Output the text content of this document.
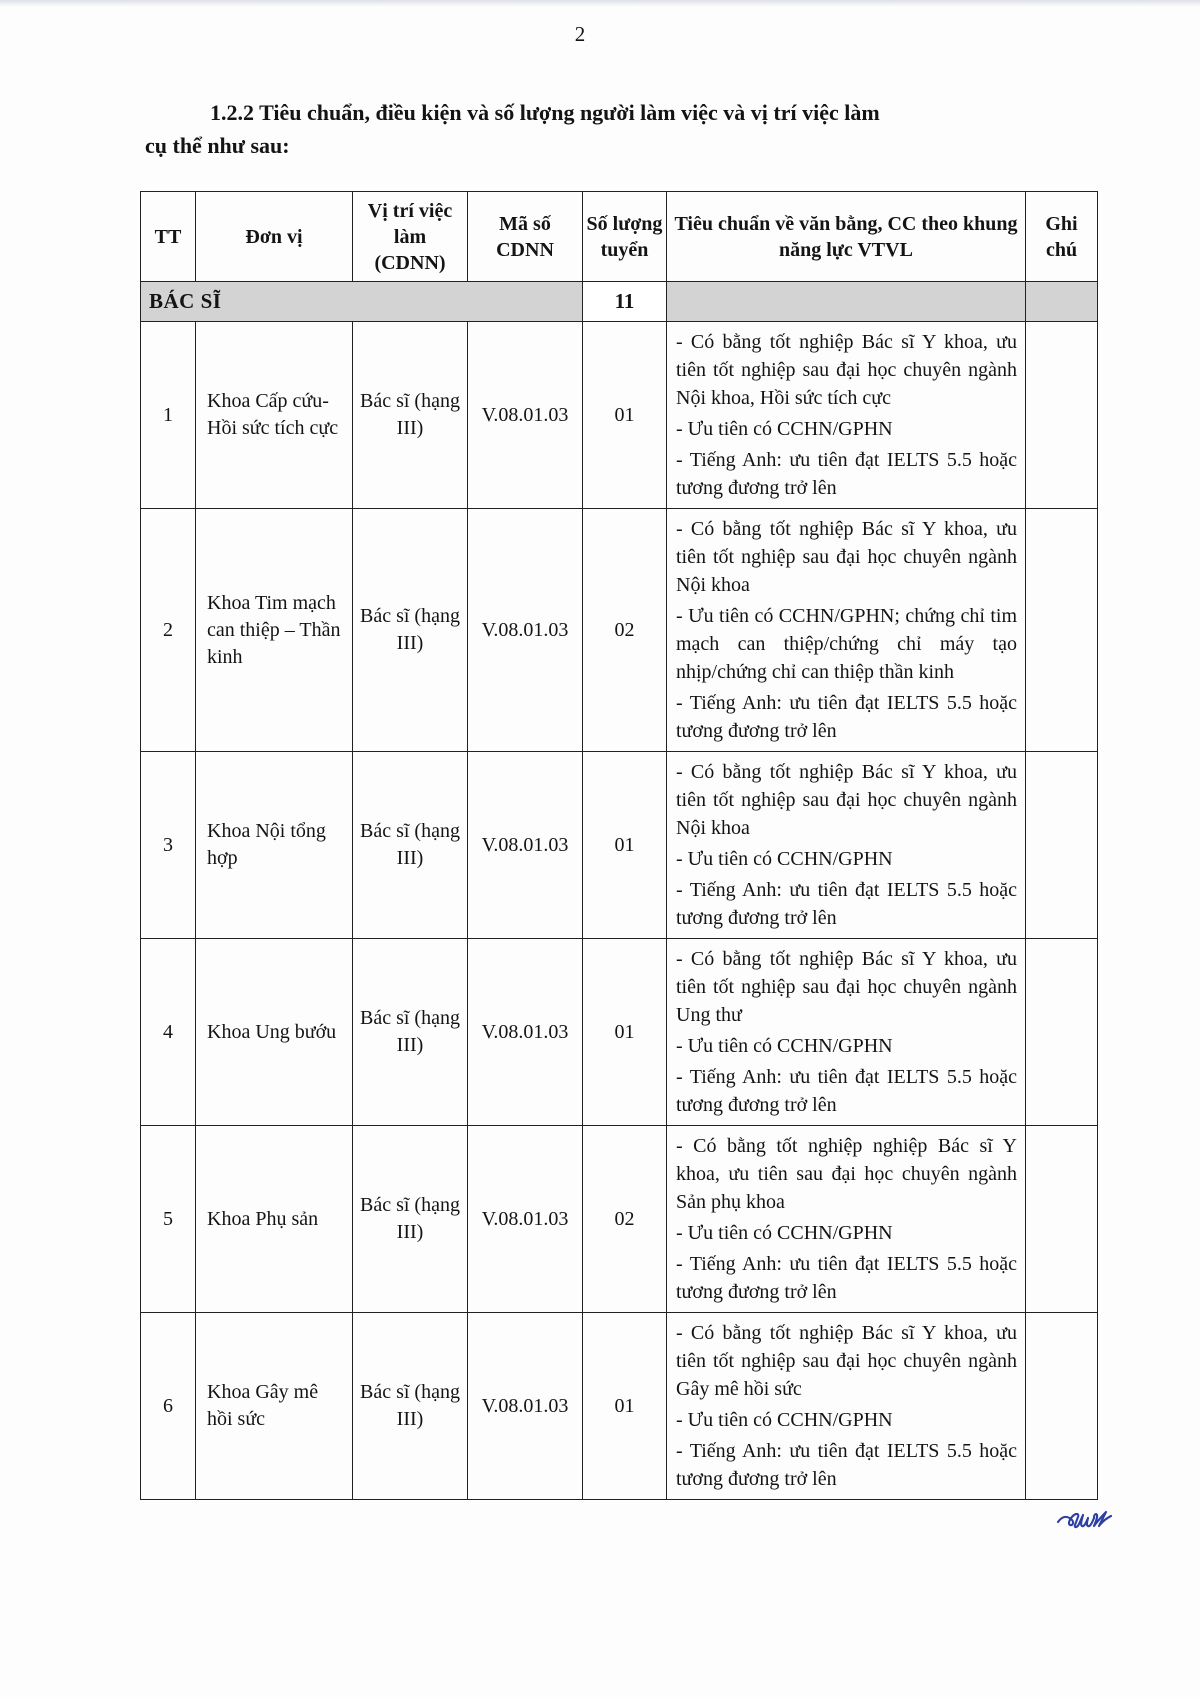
2

1.2.2 Tiêu chuẩn, điều kiện và số lượng người làm việc và vị trí việc làm
cụ thể như sau:

TT	Đơn vị	Vị trí việc làm (CDNN)	Mã số CDNN	Số lượng tuyển	Tiêu chuẩn về văn bằng, CC theo khung năng lực VTVL	Ghi chú
BÁC SĨ				11		
1	Khoa Cấp cứu-Hồi sức tích cực	Bác sĩ (hạng III)	V.08.01.03	01	- Có bằng tốt nghiệp Bác sĩ Y khoa, ưu tiên tốt nghiệp sau đại học chuyên ngành Nội khoa, Hồi sức tích cực

- Ưu tiên có CCHN/GPHN

- Tiếng Anh: ưu tiên đạt IELTS 5.5 hoặc tương đương trở lên	

2	Khoa Tim mạch can thiệp – Thần kinh	Bác sĩ (hạng III)	V.08.01.03	02	- Có bằng tốt nghiệp Bác sĩ Y khoa, ưu tiên tốt nghiệp sau đại học chuyên ngành Nội khoa

- Ưu tiên có CCHN/GPHN; chứng chỉ tim mạch can thiệp/chứng chỉ máy tạo nhịp/chứng chỉ can thiệp thần kinh

- Tiếng Anh: ưu tiên đạt IELTS 5.5 hoặc tương đương trở lên	

3	Khoa Nội tổng hợp	Bác sĩ (hạng III)	V.08.01.03	01	- Có bằng tốt nghiệp Bác sĩ Y khoa, ưu tiên tốt nghiệp sau đại học chuyên ngành Nội khoa

- Ưu tiên có CCHN/GPHN

- Tiếng Anh: ưu tiên đạt IELTS 5.5 hoặc tương đương trở lên	

4	Khoa Ung bướu	Bác sĩ (hạng III)	V.08.01.03	01	- Có bằng tốt nghiệp Bác sĩ Y khoa, ưu tiên tốt nghiệp sau đại học chuyên ngành Ung thư

- Ưu tiên có CCHN/GPHN

- Tiếng Anh: ưu tiên đạt IELTS 5.5 hoặc tương đương trở lên	

5	Khoa Phụ sản	Bác sĩ (hạng III)	V.08.01.03	02	- Có bằng tốt nghiệp nghiệp Bác sĩ Y khoa, ưu tiên sau đại học chuyên ngành Sản phụ khoa

- Ưu tiên có CCHN/GPHN

- Tiếng Anh: ưu tiên đạt IELTS 5.5 hoặc tương đương trở lên	

6	Khoa Gây mê hồi sức	Bác sĩ (hạng III)	V.08.01.03	01	- Có bằng tốt nghiệp Bác sĩ Y khoa, ưu tiên tốt nghiệp sau đại học chuyên ngành Gây mê hồi sức

- Ưu tiên có CCHN/GPHN

- Tiếng Anh: ưu tiên đạt IELTS 5.5 hoặc tương đương trở lên	
